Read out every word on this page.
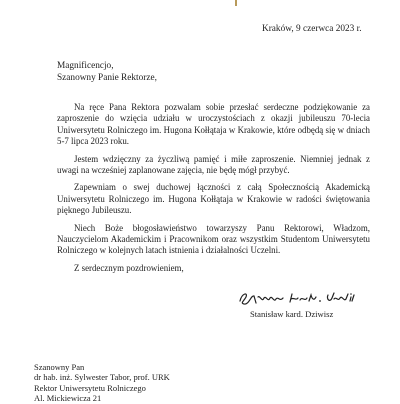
Kraków, 9 czerwca 2023 r.
Magnificencjo,
Szanowny Panie Rektorze,

Na ręce Pana Rektora pozwalam sobie przesłać serdeczne podziękowanie za zaproszenie do wzięcia udziału w uroczystościach z okazji jubileuszu 70-lecia Uniwersytetu Rolniczego im. Hugona Kołłątaja w Krakowie, które odbędą się w dniach 5-7 lipca 2023 roku.

Jestem wdzięczny za życzliwą pamięć i miłe zaproszenie. Niemniej jednak z uwagi na wcześniej zaplanowane zajęcia, nie będę mógł przybyć.

Zapewniam o swej duchowej łączności z całą Społecznością Akademicką Uniwersytetu Rolniczego im. Hugona Kołłątaja w Krakowie w radości świętowania pięknego Jubileuszu.

Niech Boże błogosławieństwo towarzyszy Panu Rektorowi, Władzom, Nauczycielom Akademickim i Pracownikom oraz wszystkim Studentom Uniwersytetu Rolniczego w kolejnych latach istnienia i działalności Uczelni.

Z serdecznym pozdrowieniem,

Stanisław kard. Dziwisz
Szanowny Pan
dr hab. inż. Sylwester Tabor, prof. URK
Rektor Uniwersytetu Rolniczego
Al. Mickiewicza 21
